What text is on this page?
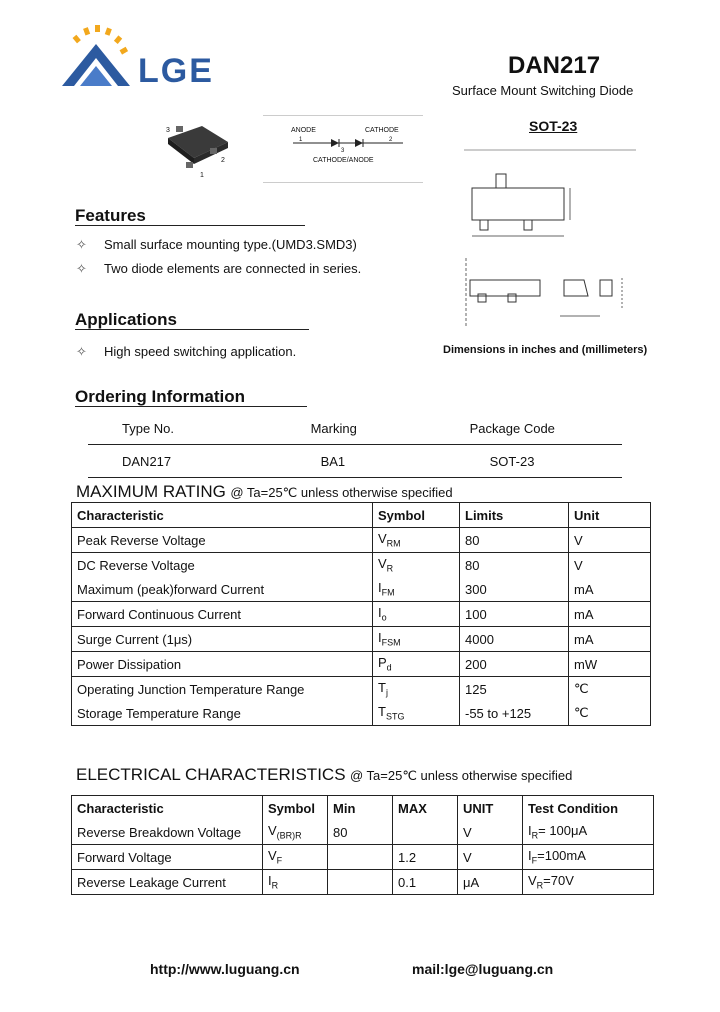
LGE	DAN217
Surface Mount Switching Diode
3
2
1
ANODE	CATHODE
1	2
3
CATHODE/ANODE
SOT-23
Dimensions in inches and (millimeters)
Features
✧ Small surface mounting type.(UMD3.SMD3)
✧ Two diode elements are connected in series.
Applications
✧ High speed switching application.
Ordering Information
Type No.	Marking	Package Code
DAN217	BA1	SOT-23
MAXIMUM RATING @ Ta=25℃ unless otherwise specified
Characteristic	Symbol	Limits	Unit
Peak Reverse Voltage	$V_{RM}$	80	V
DC Reverse Voltage	$V_R$	80	V
Maximum (peak)forward Current	$I_{FM}$	300	mA
Forward Continuous Current	$I_o$	100	mA
Surge Current (1μs)	$I_{FSM}$	4000	mA
Power Dissipation	$P_d$	200	mW
Operating Junction Temperature Range	$T_j$	125	℃
Storage Temperature Range	$T_{STG}$	-55 to +125	℃
ELECTRICAL CHARACTERISTICS @ Ta=25℃ unless otherwise specified
Characteristic	Symbol	Min	MAX	UNIT	Test Condition
Reverse Breakdown Voltage	$V_{(BR)R}$	80		V	$I_R= 100\mu A$
Forward Voltage	$V_F$		1.2	V	$I_F=100mA$
Reverse Leakage Current	$I_R$		0.1	μA	$V_R=70V$
http://www.luguang.cn	mail:lge@luguang.cn
